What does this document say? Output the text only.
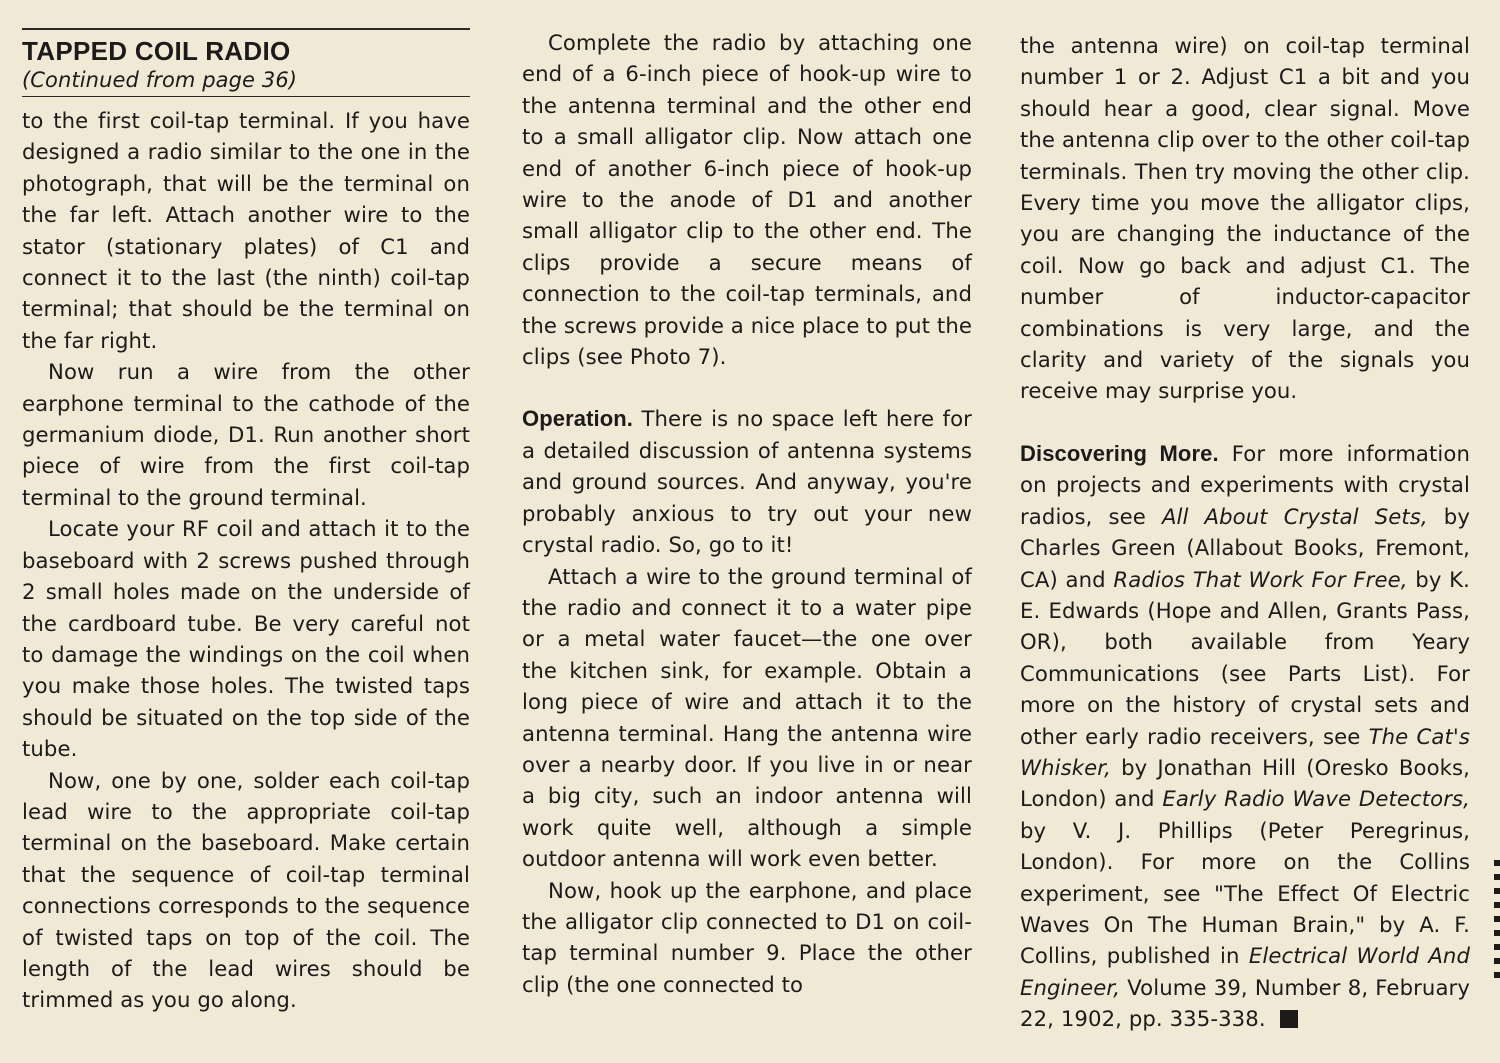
TAPPED COIL RADIO
(Continued from page 36)

to the first coil-tap terminal. If you have designed a radio similar to the one in the photograph, that will be the terminal on the far left. Attach another wire to the stator (stationary plates) of C1 and connect it to the last (the ninth) coil-tap terminal; that should be the terminal on the far right.

Now run a wire from the other earphone terminal to the cathode of the germanium diode, D1. Run another short piece of wire from the first coil-tap terminal to the ground terminal.

Locate your RF coil and attach it to the baseboard with 2 screws pushed through 2 small holes made on the underside of the cardboard tube. Be very careful not to damage the windings on the coil when you make those holes. The twisted taps should be situated on the top side of the tube.

Now, one by one, solder each coil-tap lead wire to the appropriate coil-tap terminal on the baseboard. Make certain that the sequence of coil-tap terminal connections corresponds to the sequence of twisted taps on top of the coil. The length of the lead wires should be trimmed as you go along.

Complete the radio by attaching one end of a 6-inch piece of hook-up wire to the antenna terminal and the other end to a small alligator clip. Now attach one end of another 6-inch piece of hook-up wire to the anode of D1 and another small alligator clip to the other end. The clips provide a secure means of connection to the coil-tap terminals, and the screws provide a nice place to put the clips (see Photo 7).

Operation. There is no space left here for a detailed discussion of antenna systems and ground sources. And anyway, you're probably anxious to try out your new crystal radio. So, go to it!

Attach a wire to the ground terminal of the radio and connect it to a water pipe or a metal water faucet—the one over the kitchen sink, for example. Obtain a long piece of wire and attach it to the antenna terminal. Hang the antenna wire over a nearby door. If you live in or near a big city, such an indoor antenna will work quite well, although a simple outdoor antenna will work even better.

Now, hook up the earphone, and place the alligator clip connected to D1 on coil-tap terminal number 9. Place the other clip (the one connected to

the antenna wire) on coil-tap terminal number 1 or 2. Adjust C1 a bit and you should hear a good, clear signal. Move the antenna clip over to the other coil-tap terminals. Then try moving the other clip. Every time you move the alligator clips, you are changing the inductance of the coil. Now go back and adjust C1. The number of inductor-capacitor combinations is very large, and the clarity and variety of the signals you receive may surprise you.

Discovering More. For more information on projects and experiments with crystal radios, see All About Crystal Sets, by Charles Green (Allabout Books, Fremont, CA) and Radios That Work For Free, by K. E. Edwards (Hope and Allen, Grants Pass, OR), both available from Yeary Communications (see Parts List). For more on the history of crystal sets and other early radio receivers, see The Cat's Whisker, by Jonathan Hill (Oresko Books, London) and Early Radio Wave Detectors, by V. J. Phillips (Peter Peregrinus, London). For more on the Collins experiment, see "The Effect Of Electric Waves On The Human Brain," by A. F. Collins, published in Electrical World And Engineer, Volume 39, Number 8, February 22, 1902, pp. 335-338.
